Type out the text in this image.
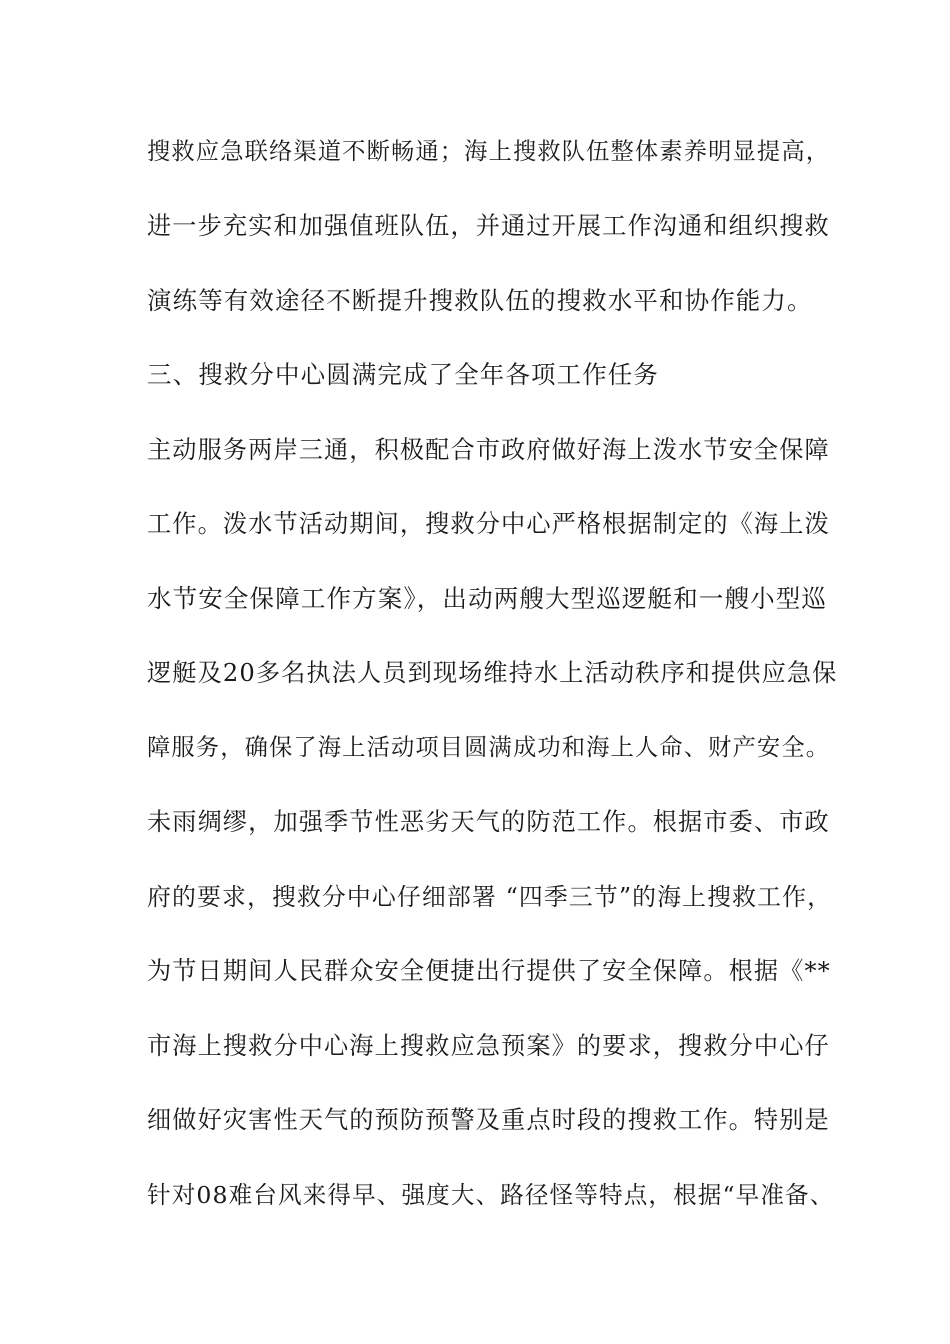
搜救应急联络渠道不断畅通；海上搜救队伍整体素养明显提高，
进一步充实和加强值班队伍，并通过开展工作沟通和组织搜救
演练等有效途径不断提升搜救队伍的搜救水平和协作能力。
三、搜救分中心圆满完成了全年各项工作任务
主动服务两岸三通，积极配合市政府做好海上泼水节安全保障
工作。泼水节活动期间，搜救分中心严格根据制定的《海上泼
水节安全保障工作方案》，出动两艘大型巡逻艇和一艘小型巡
逻艇及20多名执法人员到现场维持水上活动秩序和提供应急保
障服务，确保了海上活动项目圆满成功和海上人命、财产安全。
未雨绸缪，加强季节性恶劣天气的防范工作。根据市委、市政
府的要求，搜救分中心仔细部署 “四季三节”的海上搜救工作，
为节日期间人民群众安全便捷出行提供了安全保障。根据《**
市海上搜救分中心海上搜救应急预案》的要求，搜救分中心仔
细做好灾害性天气的预防预警及重点时段的搜救工作。特别是
针对08难台风来得早、强度大、路径怪等特点，根据“早准备、
